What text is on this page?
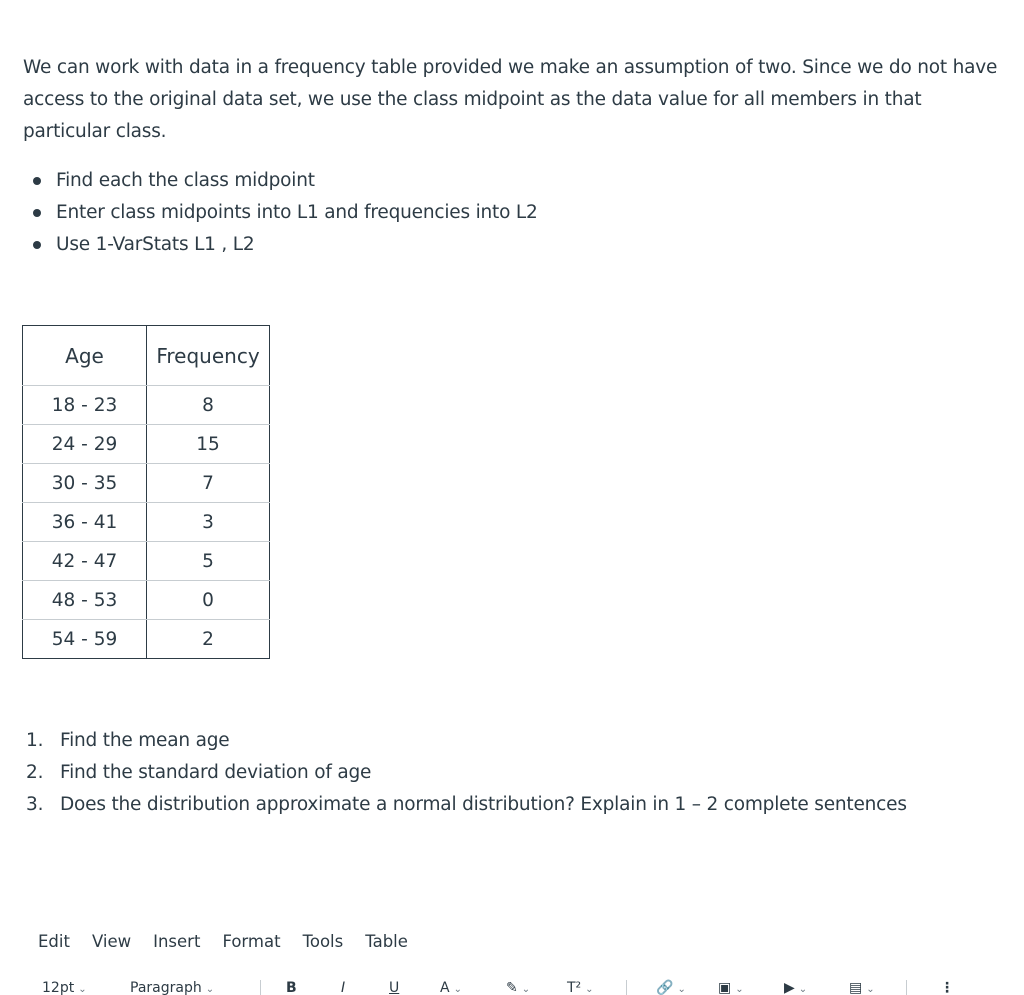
We can work with data in a frequency table provided we make an assumption of two. Since we do not have access to the original data set, we use the class midpoint as the data value for all members in that particular class.

Find each the class midpoint
Enter class midpoints into L1 and frequencies into L2
Use 1-VarStats L1 , L2
Age	Frequency
18 - 23	8
24 - 29	15
30 - 35	7
36 - 41	3
42 - 47	5
48 - 53	0
54 - 59	2
1. Find the mean age
2. Find the standard deviation of age
3. Does the distribution approximate a normal distribution? Explain in 1 – 2 complete sentences
Edit View Insert Format Tools Table
12pt ⌄	Paragraph ⌄	B	I	U	A ⌄	✎ ⌄	T² ⌄	🔗 ⌄ ▣ ⌄	▶ ⌄	▤ ⌄	⋮
